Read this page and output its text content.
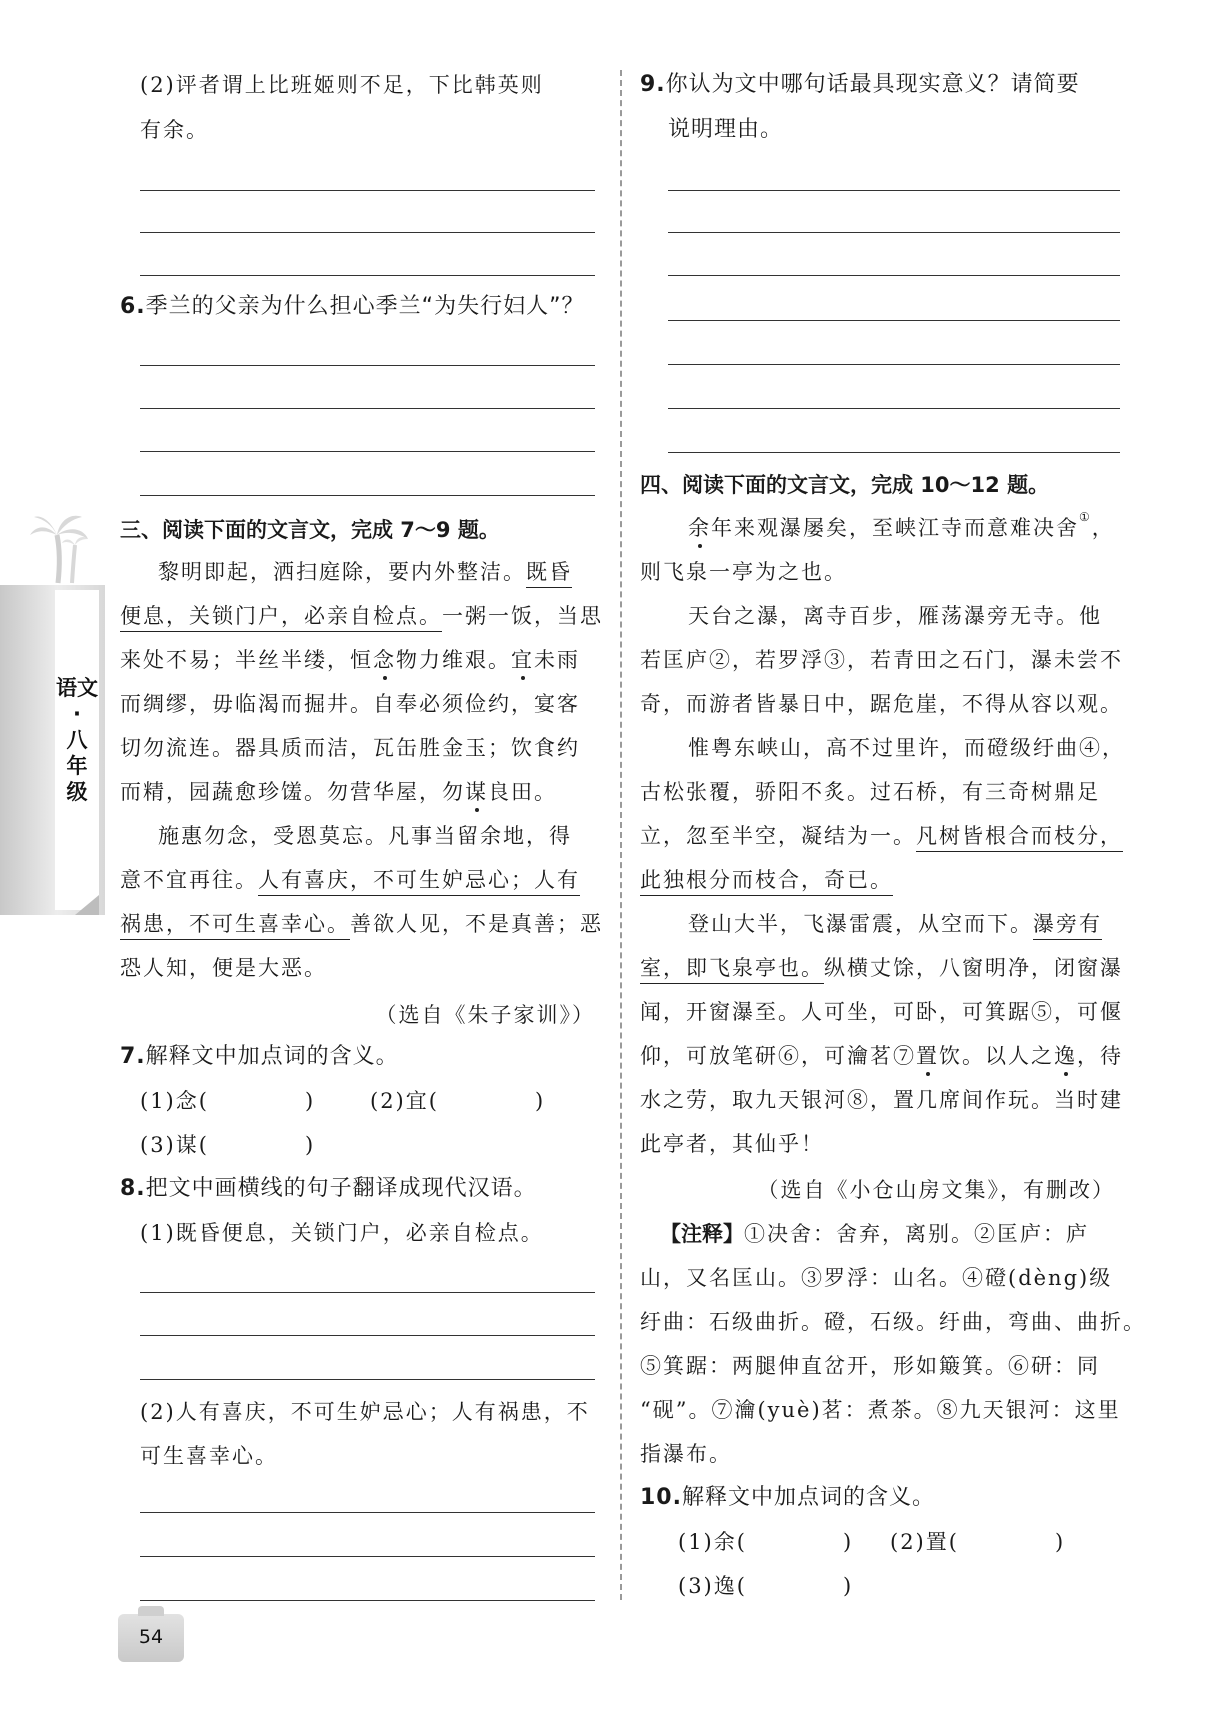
语文
·
八年级
(2)评者谓上比班姬则不足，下比韩英则
有余。
6.季兰的父亲为什么担心季兰“为失行妇人”？
三、阅读下面的文言文，完成 7～9 题。
黎明即起，洒扫庭除，要内外整洁。既昏
便息，关锁门户，必亲自检点。一粥一饭，当思
来处不易；半丝半缕，恒念物力维艰。宜未雨
而绸缪，毋临渴而掘井。自奉必须俭约，宴客
切勿流连。器具质而洁，瓦缶胜金玉；饮食约
而精，园蔬愈珍馐。勿营华屋，勿谋良田。
施惠勿念，受恩莫忘。凡事当留余地，得
意不宜再往。人有喜庆，不可生妒忌心；人有
祸患，不可生喜幸心。善欲人见，不是真善；恶
恐人知，便是大恶。
（选自《朱子家训》）
7.解释文中加点词的含义。
(1)念(	)	(2)宜(	)
(3)谋(	)
8.把文中画横线的句子翻译成现代汉语。
(1)既昏便息，关锁门户，必亲自检点。
(2)人有喜庆，不可生妒忌心；人有祸患，不
可生喜幸心。
9.你认为文中哪句话最具现实意义？请简要
说明理由。
四、阅读下面的文言文，完成 10～12 题。
余年来观瀑屡矣，至峡江寺而意难决舍①，
则飞泉一亭为之也。
天台之瀑，离寺百步，雁荡瀑旁无寺。他
若匡庐②，若罗浮③，若青田之石门，瀑未尝不
奇，而游者皆暴日中，踞危崖，不得从容以观。
惟粤东峡山，高不过里许，而磴级纡曲④，
古松张覆，骄阳不炙。过石桥，有三奇树鼎足
立，忽至半空，凝结为一。凡树皆根合而枝分，
此独根分而枝合，奇已。
登山大半，飞瀑雷震，从空而下。瀑旁有
室，即飞泉亭也。纵横丈馀，八窗明净，闭窗瀑
闻，开窗瀑至。人可坐，可卧，可箕踞⑤，可偃
仰，可放笔研⑥，可瀹茗⑦置饮。以人之逸，待
水之劳，取九天银河⑧，置几席间作玩。当时建
此亭者，其仙乎！
（选自《小仓山房文集》，有删改）
【注释】①决舍：舍弃，离别。②匡庐：庐
山，又名匡山。③罗浮：山名。④磴(dèng)级
纡曲：石级曲折。磴，石级。纡曲，弯曲、曲折。
⑤箕踞：两腿伸直岔开，形如簸箕。⑥研：同
“砚”。⑦瀹(yuè)茗：煮茶。⑧九天银河：这里
指瀑布。
10.解释文中加点词的含义。
(1)余(	) (2)置(	)
(3)逸(	)
54
